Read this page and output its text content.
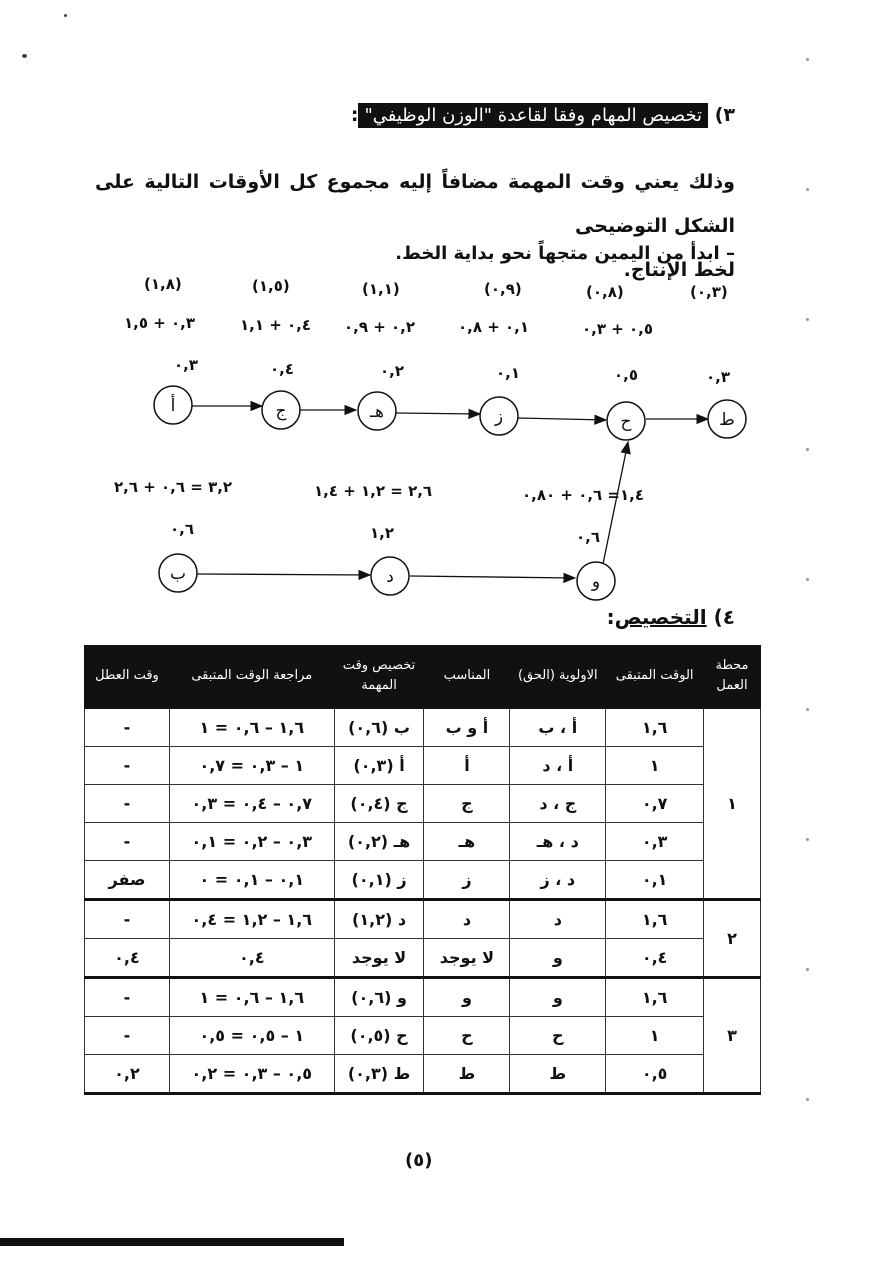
٣) تخصيص المهام وفقا لقاعدة "الوزن الوظيفي":
وذلك يعني وقت المهمة مضافاً إليه مجموع كل الأوقات التالية على الشكل التوضيحى
لخط الإنتاج.
– ابدأ من اليمين متجهاً نحو بداية الخط.
أ	ج	هـ	ز	ح	ط
ب	د	و
(٠,٣)
(٠,٨)
(٠,٩)
(١,١)
(١,٥)
(١,٨)
٠,٥ + ٠,٣
٠,١ + ٠,٨
٠,٢ + ٠,٩
٠,٤ + ١,١
٠,٣ + ١,٥
٠,٣
٠,٥
٠,١
٠,٢
٠,٤
٠,٣
١,٤= ٠,٦ + ٠,٨٠
٢,٦ = ١,٢ + ١,٤
٣,٢ = ٠,٦ + ٢,٦
٠,٦
١,٢
٠,٦
٤) التخصيص:
محطة العمل	الوقت المتبقى	الاولوية (الحق)	المناسب	تخصيص وقت المهمة	مراجعة الوقت المتبقى	وقت العطل
١	١,٦	أ ، ب	أ و ب	ب (٠,٦)	١,٦ – ٠,٦ = ١	-
	١	أ ، د	أ	أ (٠,٣)	١ – ٠,٣ = ٠,٧	-
	٠,٧	ج ، د	ج	ج (٠,٤)	٠,٧ – ٠,٤ = ٠,٣	-
	٠,٣	د ، هـ	هـ	هـ (٠,٢)	٠,٣ – ٠,٢ = ٠,١	-
	٠,١	د ، ز	ز	ز (٠,١)	٠,١ – ٠,١ = ٠	صفر
٢	١,٦	د	د	د (١,٢)	١,٦ – ١,٢ = ٠,٤	-
	٠,٤	و	لا يوجد	لا يوجد	٠,٤	٠,٤
٣	١,٦	و	و	و (٠,٦)	١,٦ – ٠,٦ = ١	-
	١	ح	ح	ح (٠,٥)	١ – ٠,٥ = ٠,٥	-
	٠,٥	ط	ط	ط (٠,٣)	٠,٥ – ٠,٣ = ٠,٢	٠,٢
(٥)
